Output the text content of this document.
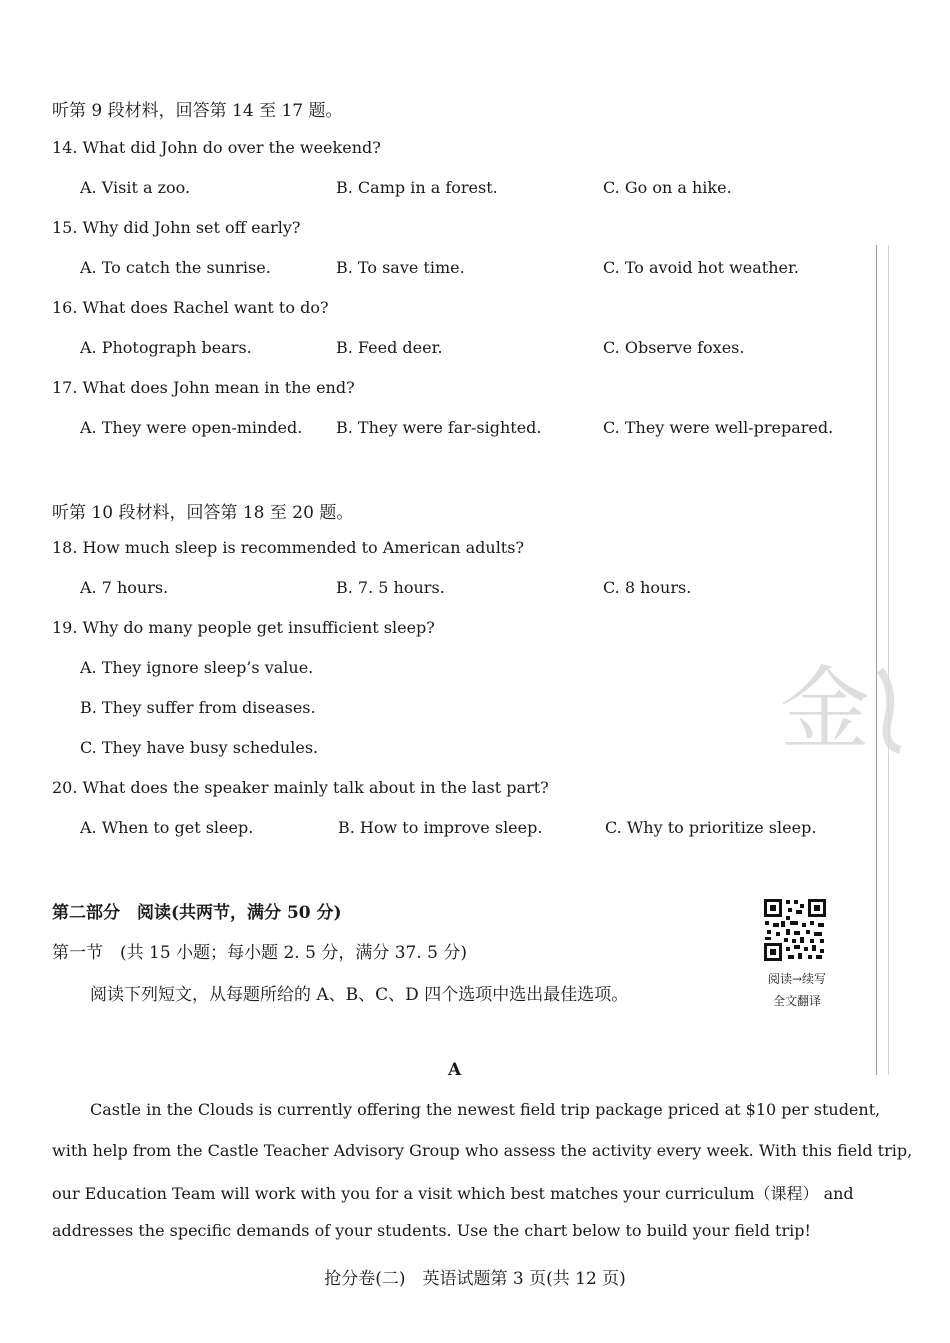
听第 9 段材料，回答第 14 至 17 题。
14. What did John do over the weekend?
A. Visit a zoo.	B. Camp in a forest.	C. Go on a hike.
15. Why did John set off early?
A. To catch the sunrise.	B. To save time.	C. To avoid hot weather.
16. What does Rachel want to do?
A. Photograph bears.	B. Feed deer.	C. Observe foxes.
17. What does John mean in the end?
A. They were open-minded. B. They were far-sighted.	C. They were well-prepared.
听第 10 段材料，回答第 18 至 20 题。
18. How much sleep is recommended to American adults?
A. 7 hours.	B. 7. 5 hours.	C. 8 hours.
19. Why do many people get insufficient sleep?
A. They ignore sleep’s value.
B. They suffer from diseases.
C. They have busy schedules.
20. What does the speaker mainly talk about in the last part?
A. When to get sleep.	B. How to improve sleep.	C. Why to prioritize sleep.
第二部分　阅读(共两节，满分 50 分)
第一节　(共 15 小题；每小题 2. 5 分，满分 37. 5 分)
阅读下列短文，从每题所给的 A、B、C、D 四个选项中选出最佳选项。
阅读→续写
全文翻译
A
Castle in the Clouds is currently offering the newest field trip package priced at $10 per student,
with help from the Castle Teacher Advisory Group who assess the activity every week. With this field trip,
our Education Team will work with you for a visit which best matches your curriculum（课程） and
addresses the specific demands of your students. Use the chart below to build your field trip!
抢分卷(二)　英语试题第 3 页(共 12 页)
金
